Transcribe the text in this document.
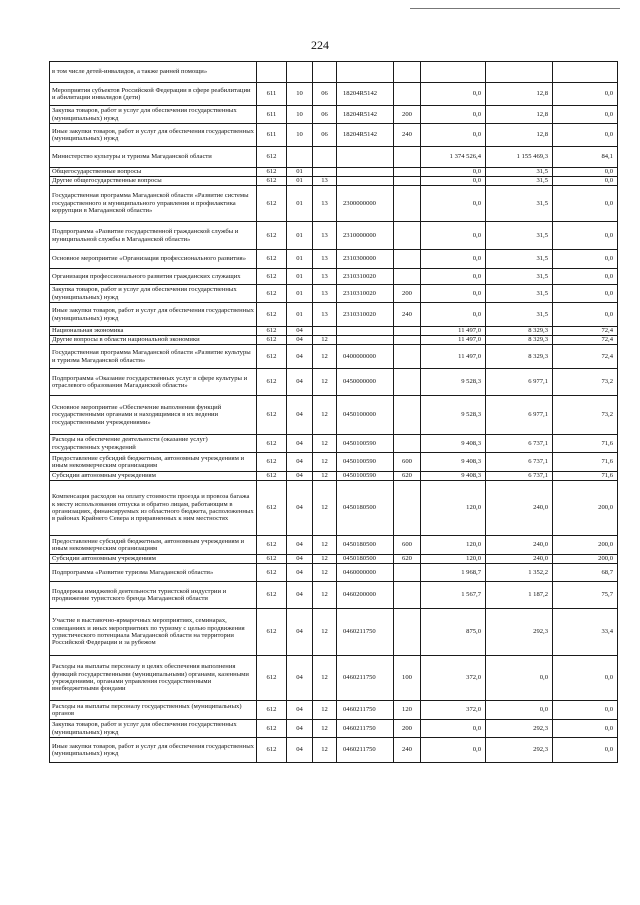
224
в том числе детей-инвалидов, а также ранней помощи»								
Мероприятия субъектов Российской Федерации в сфере реабилитации и абилитации инвалидов (дети)	611	10	06	18204R5142		0,0	12,8	0,0
Закупка товаров, работ и услуг для обеспечения государственных (муниципальных) нужд	611	10	06	18204R5142	200	0,0	12,8	0,0
Иные закупки товаров, работ и услуг для обеспечения государственных (муниципальных) нужд	611	10	06	18204R5142	240	0,0	12,8	0,0
Министерство культуры и туризма Магаданской области	612					1 374 526,4	1 155 469,3	84,1
Общегосударственные вопросы	612	01				0,0	31,5	0,0
Другие общегосударственные вопросы	612	01	13			0,0	31,5	0,0
Государственная программа Магаданской области «Развитие системы государственного и муниципального управления и профилактика коррупции в Магаданской области»	612	01	13	2300000000		0,0	31,5	0,0
Подпрограмма «Развитие государственной гражданской службы и муниципальной службы в Магаданской области»	612	01	13	2310000000		0,0	31,5	0,0
Основное мероприятие «Организация профессионального развития»	612	01	13	2310300000		0,0	31,5	0,0
Организация профессионального развития гражданских служащих	612	01	13	2310310020		0,0	31,5	0,0
Закупка товаров, работ и услуг для обеспечения государственных (муниципальных) нужд	612	01	13	2310310020	200	0,0	31,5	0,0
Иные закупки товаров, работ и услуг для обеспечения государственных (муниципальных) нужд	612	01	13	2310310020	240	0,0	31,5	0,0
Национальная экономика	612	04				11 497,0	8 329,3	72,4
Другие вопросы в области национальной экономики	612	04	12			11 497,0	8 329,3	72,4
Государственная программа Магаданской области «Развитие культуры и туризма Магаданской области»	612	04	12	0400000000		11 497,0	8 329,3	72,4
Подпрограмма «Оказание государственных услуг в сфере культуры и отраслевого образования Магаданской области»	612	04	12	0450000000		9 528,3	6 977,1	73,2
Основное мероприятие «Обеспечение выполнения функций государственными органами и находящимися в их ведении государственными учреждениями»	612	04	12	0450100000		9 528,3	6 977,1	73,2
Расходы на обеспечение деятельности (оказание услуг) государственных учреждений	612	04	12	0450100590		9 408,3	6 737,1	71,6
Предоставление субсидий бюджетным, автономным учреждениям и иным некоммерческим организациям	612	04	12	0450100590	600	9 408,3	6 737,1	71,6
Субсидии автономным учреждениям	612	04	12	0450100590	620	9 408,3	6 737,1	71,6
Компенсация расходов на оплату стоимости проезда и провоза багажа к месту использования отпуска и обратно лицам, работающим в организациях, финансируемых из областного бюджета, расположенных в районах Крайнего Севера и приравненных к ним местностях	612	04	12	0450180500		120,0	240,0	200,0
Предоставление субсидий бюджетным, автономным учреждениям и иным некоммерческим организациям	612	04	12	0450180500	600	120,0	240,0	200,0
Субсидии автономным учреждениям	612	04	12	0450180500	620	120,0	240,0	200,0
Подпрограмма «Развитие туризма Магаданской области»	612	04	12	0460000000		1 968,7	1 352,2	68,7
Поддержка имиджевой деятельности туристской индустрии и продвижение туристского бренда Магаданской области	612	04	12	0460200000		1 567,7	1 187,2	75,7
Участие в выставочно-ярмарочных мероприятиях, семинарах, совещаниях и иных мероприятиях по туризму с целью продвижения туристического потенциала Магаданской области на территории Российской Федерации и за рубежом	612	04	12	0460211750		875,0	292,3	33,4
Расходы на выплаты персоналу в целях обеспечения выполнения функций государственными (муниципальными) органами, казенными учреждениями, органами управления государственными внебюджетными фондами	612	04	12	0460211750	100	372,0	0,0	0,0
Расходы на выплаты персоналу государственных (муниципальных) органов	612	04	12	0460211750	120	372,0	0,0	0,0
Закупка товаров, работ и услуг для обеспечения государственных (муниципальных) нужд	612	04	12	0460211750	200	0,0	292,3	0,0
Иные закупки товаров, работ и услуг для обеспечения государственных (муниципальных) нужд	612	04	12	0460211750	240	0,0	292,3	0,0
